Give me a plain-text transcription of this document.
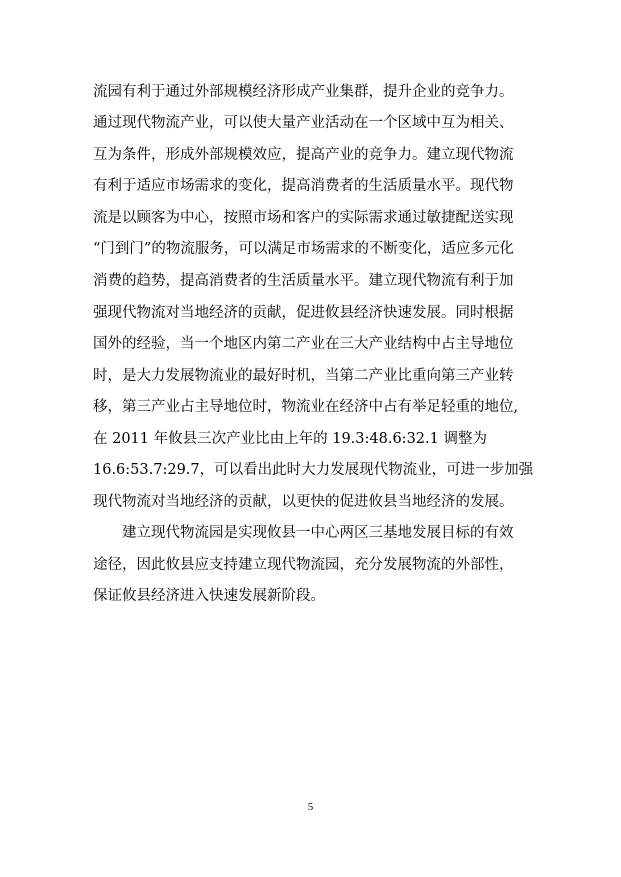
流园有利于通过外部规模经济形成产业集群，提升企业的竞争力。
通过现代物流产业，可以使大量产业活动在一个区域中互为相关、
互为条件，形成外部规模效应，提高产业的竞争力。建立现代物流
有利于适应市场需求的变化，提高消费者的生活质量水平。现代物
流是以顾客为中心，按照市场和客户的实际需求通过敏捷配送实现
“门到门”的物流服务，可以满足市场需求的不断变化，适应多元化
消费的趋势，提高消费者的生活质量水平。建立现代物流有利于加
强现代物流对当地经济的贡献，促进攸县经济快速发展。同时根据
国外的经验，当一个地区内第二产业在三大产业结构中占主导地位
时，是大力发展物流业的最好时机，当第二产业比重向第三产业转
移，第三产业占主导地位时，物流业在经济中占有举足轻重的地位,
在 2011 年攸县三次产业比由上年的 19.3:48.6:32.1 调整为
16.6:53.7:29.7，可以看出此时大力发展现代物流业，可进一步加强
现代物流对当地经济的贡献，以更快的促进攸县当地经济的发展。
建立现代物流园是实现攸县一中心两区三基地发展目标的有效
途径，因此攸县应支持建立现代物流园，充分发展物流的外部性，
保证攸县经济进入快速发展新阶段。
5
